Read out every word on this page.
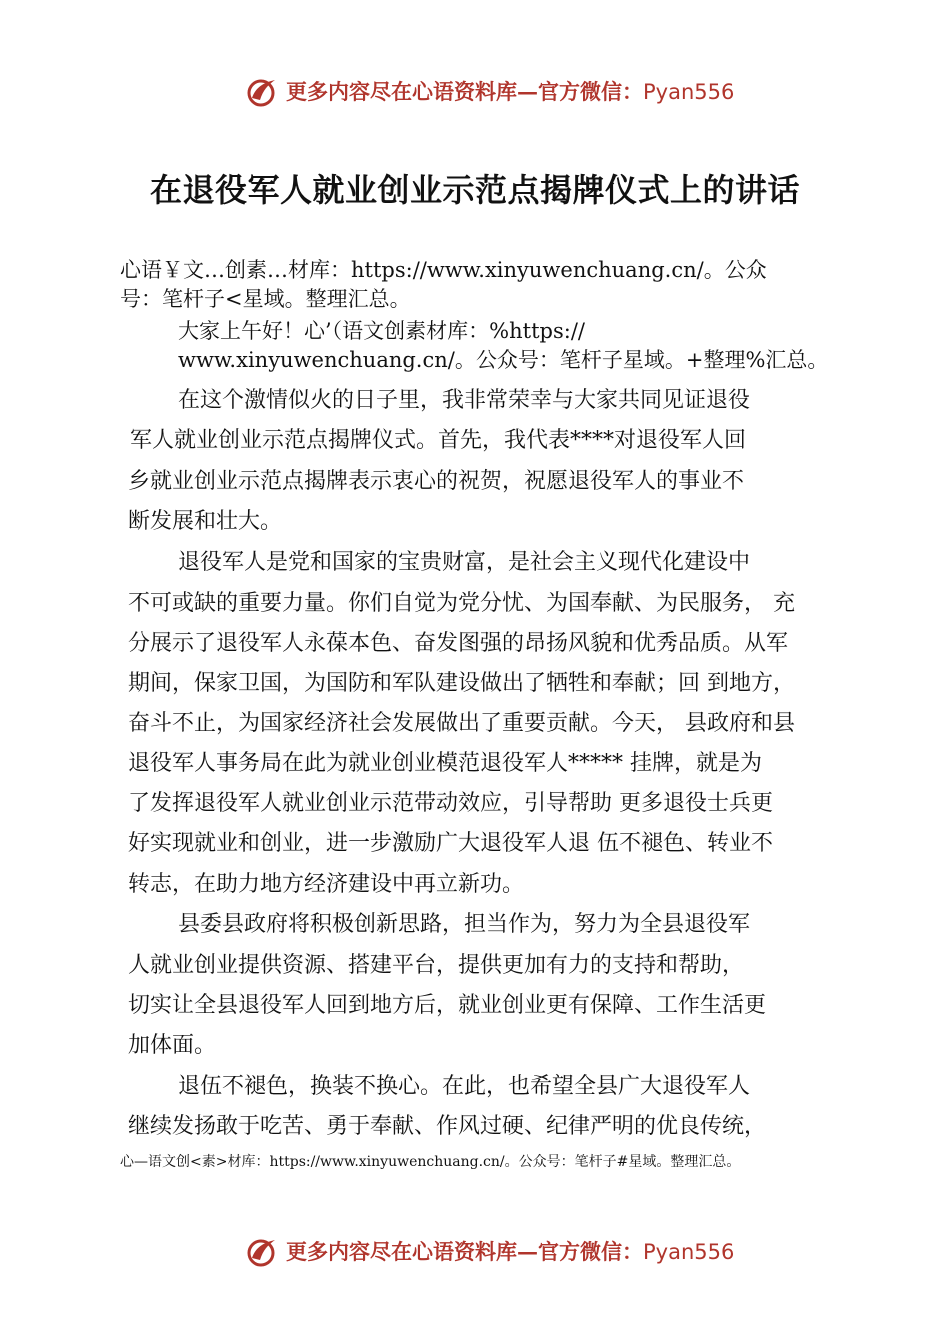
更多内容尽在心语资料库—官方微信：Pyan556
在退役军人就业创业示范点揭牌仪式上的讲话
心语￥文…创素…材库：https://www.xinyuwenchuang.cn/。公众
号：笔杆子<星域。整理汇总。
大家上午好！心’（语文创素材库：%https://
www.xinyuwenchuang.cn/。公众号：笔杆子星域。+整理%汇总。
在这个激情似火的日子里，我非常荣幸与大家共同见证退役
军人就业创业示范点揭牌仪式。首先，我代表****对退役军人回
乡就业创业示范点揭牌表示衷心的祝贺，祝愿退役军人的事业不
断发展和壮大。
退役军人是党和国家的宝贵财富，是社会主义现代化建设中
不可或缺的重要力量。你们自觉为党分忧、为国奉献、为民服务， 充
分展示了退役军人永葆本色、奋发图强的昂扬风貌和优秀品质。从军
期间，保家卫国，为国防和军队建设做出了牺牲和奉献；回 到地方，
奋斗不止，为国家经济社会发展做出了重要贡献。今天， 县政府和县
退役军人事务局在此为就业创业模范退役军人***** 挂牌，就是为
了发挥退役军人就业创业示范带动效应，引导帮助 更多退役士兵更
好实现就业和创业，进一步激励广大退役军人退 伍不褪色、转业不
转志，在助力地方经济建设中再立新功。
县委县政府将积极创新思路，担当作为，努力为全县退役军
人就业创业提供资源、搭建平台，提供更加有力的支持和帮助，
切实让全县退役军人回到地方后，就业创业更有保障、工作生活更
加体面。
退伍不褪色，换装不换心。在此，也希望全县广大退役军人
继续发扬敢于吃苦、勇于奉献、作风过硬、纪律严明的优良传统，
心—语文创<素>材库：https://www.xinyuwenchuang.cn/。公众号：笔杆子#星域。整理汇总。
更多内容尽在心语资料库—官方微信：Pyan556
